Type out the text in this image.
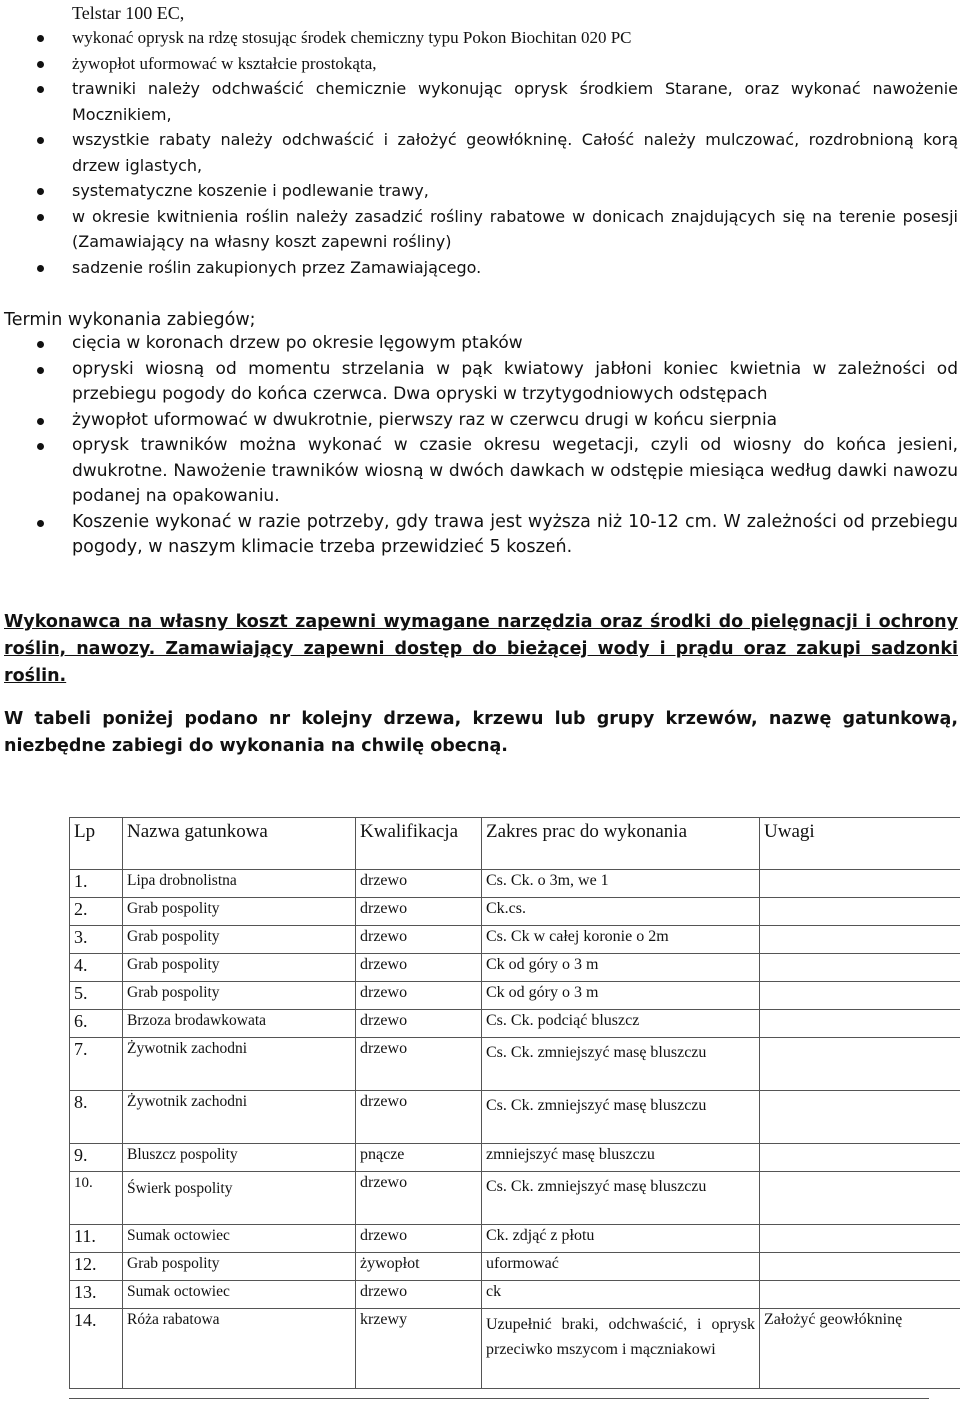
Telstar 100 EC,
wykonać oprysk na rdzę stosując środek chemiczny typu Pokon Biochitan 020 PC
żywopłot uformować w kształcie prostokąta,
trawniki należy odchwaścić chemicznie wykonując oprysk środkiem Starane, oraz wykonać nawożenie Mocznikiem,
wszystkie rabaty należy odchwaścić i założyć geowłókninę. Całość należy mulczować, rozdrobnioną korą drzew iglastych,
systematyczne koszenie i podlewanie trawy,
w okresie kwitnienia roślin należy zasadzić rośliny rabatowe w donicach znajdujących się na terenie posesji (Zamawiający na własny koszt zapewni rośliny)
sadzenie roślin zakupionych przez Zamawiającego.
Termin wykonania zabiegów;
cięcia w koronach drzew po okresie lęgowym ptaków
opryski wiosną od momentu strzelania w pąk kwiatowy jabłoni koniec kwietnia w zależności od przebiegu pogody do końca czerwca. Dwa opryski w trzytygodniowych odstępach
żywopłot uformować w dwukrotnie, pierwszy raz w czerwcu drugi w końcu sierpnia
oprysk trawników można wykonać w czasie okresu wegetacji, czyli od wiosny do końca jesieni, dwukrotne. Nawożenie trawników wiosną w dwóch dawkach w odstępie miesiąca według dawki nawozu podanej na opakowaniu.
Koszenie wykonać w razie potrzeby, gdy trawa jest wyższa niż 10-12 cm. W zależności od przebiegu pogody, w naszym klimacie trzeba przewidzieć 5 koszeń.
Wykonawca na własny koszt zapewni wymagane narzędzia oraz środki do pielęgnacji i ochrony roślin, nawozy. Zamawiający zapewni dostęp do bieżącej wody i prądu oraz zakupi sadzonki roślin.
W tabeli poniżej podano nr kolejny drzewa, krzewu lub grupy krzewów, nazwę gatunkową, niezbędne zabiegi do wykonania na chwilę obecną.
Lp	Nazwa gatunkowa	Kwalifikacja	Zakres prac do wykonania	Uwagi
1.	Lipa drobnolistna	drzewo	Cs. Ck. o 3m, we 1	
2.	Grab pospolity	drzewo	Ck.cs.	
3.	Grab pospolity	drzewo	Cs. Ck w całej koronie o 2m	
4.	Grab pospolity	drzewo	Ck od góry o 3 m	
5.	Grab pospolity	drzewo	Ck od góry o 3 m	
6.	Brzoza brodawkowata	drzewo	Cs. Ck. podciąć bluszcz	
7.	Żywotnik zachodni	drzewo	Cs. Ck. zmniejszyć masę bluszczu	
8.	Żywotnik zachodni	drzewo	Cs. Ck. zmniejszyć masę bluszczu	
9.	Bluszcz pospolity	pnącze	zmniejszyć masę bluszczu	
10.	Świerk pospolity	drzewo	Cs. Ck. zmniejszyć masę bluszczu	
11.	Sumak octowiec	drzewo	Ck. zdjąć z płotu	
12.	Grab pospolity	żywopłot	uformować	
13.	Sumak octowiec	drzewo	ck	
14.	Róża rabatowa	krzewy	Uzupełnić braki, odchwaścić, i oprysk przeciwko mszycom i mączniakowi	Założyć geowłókninę
